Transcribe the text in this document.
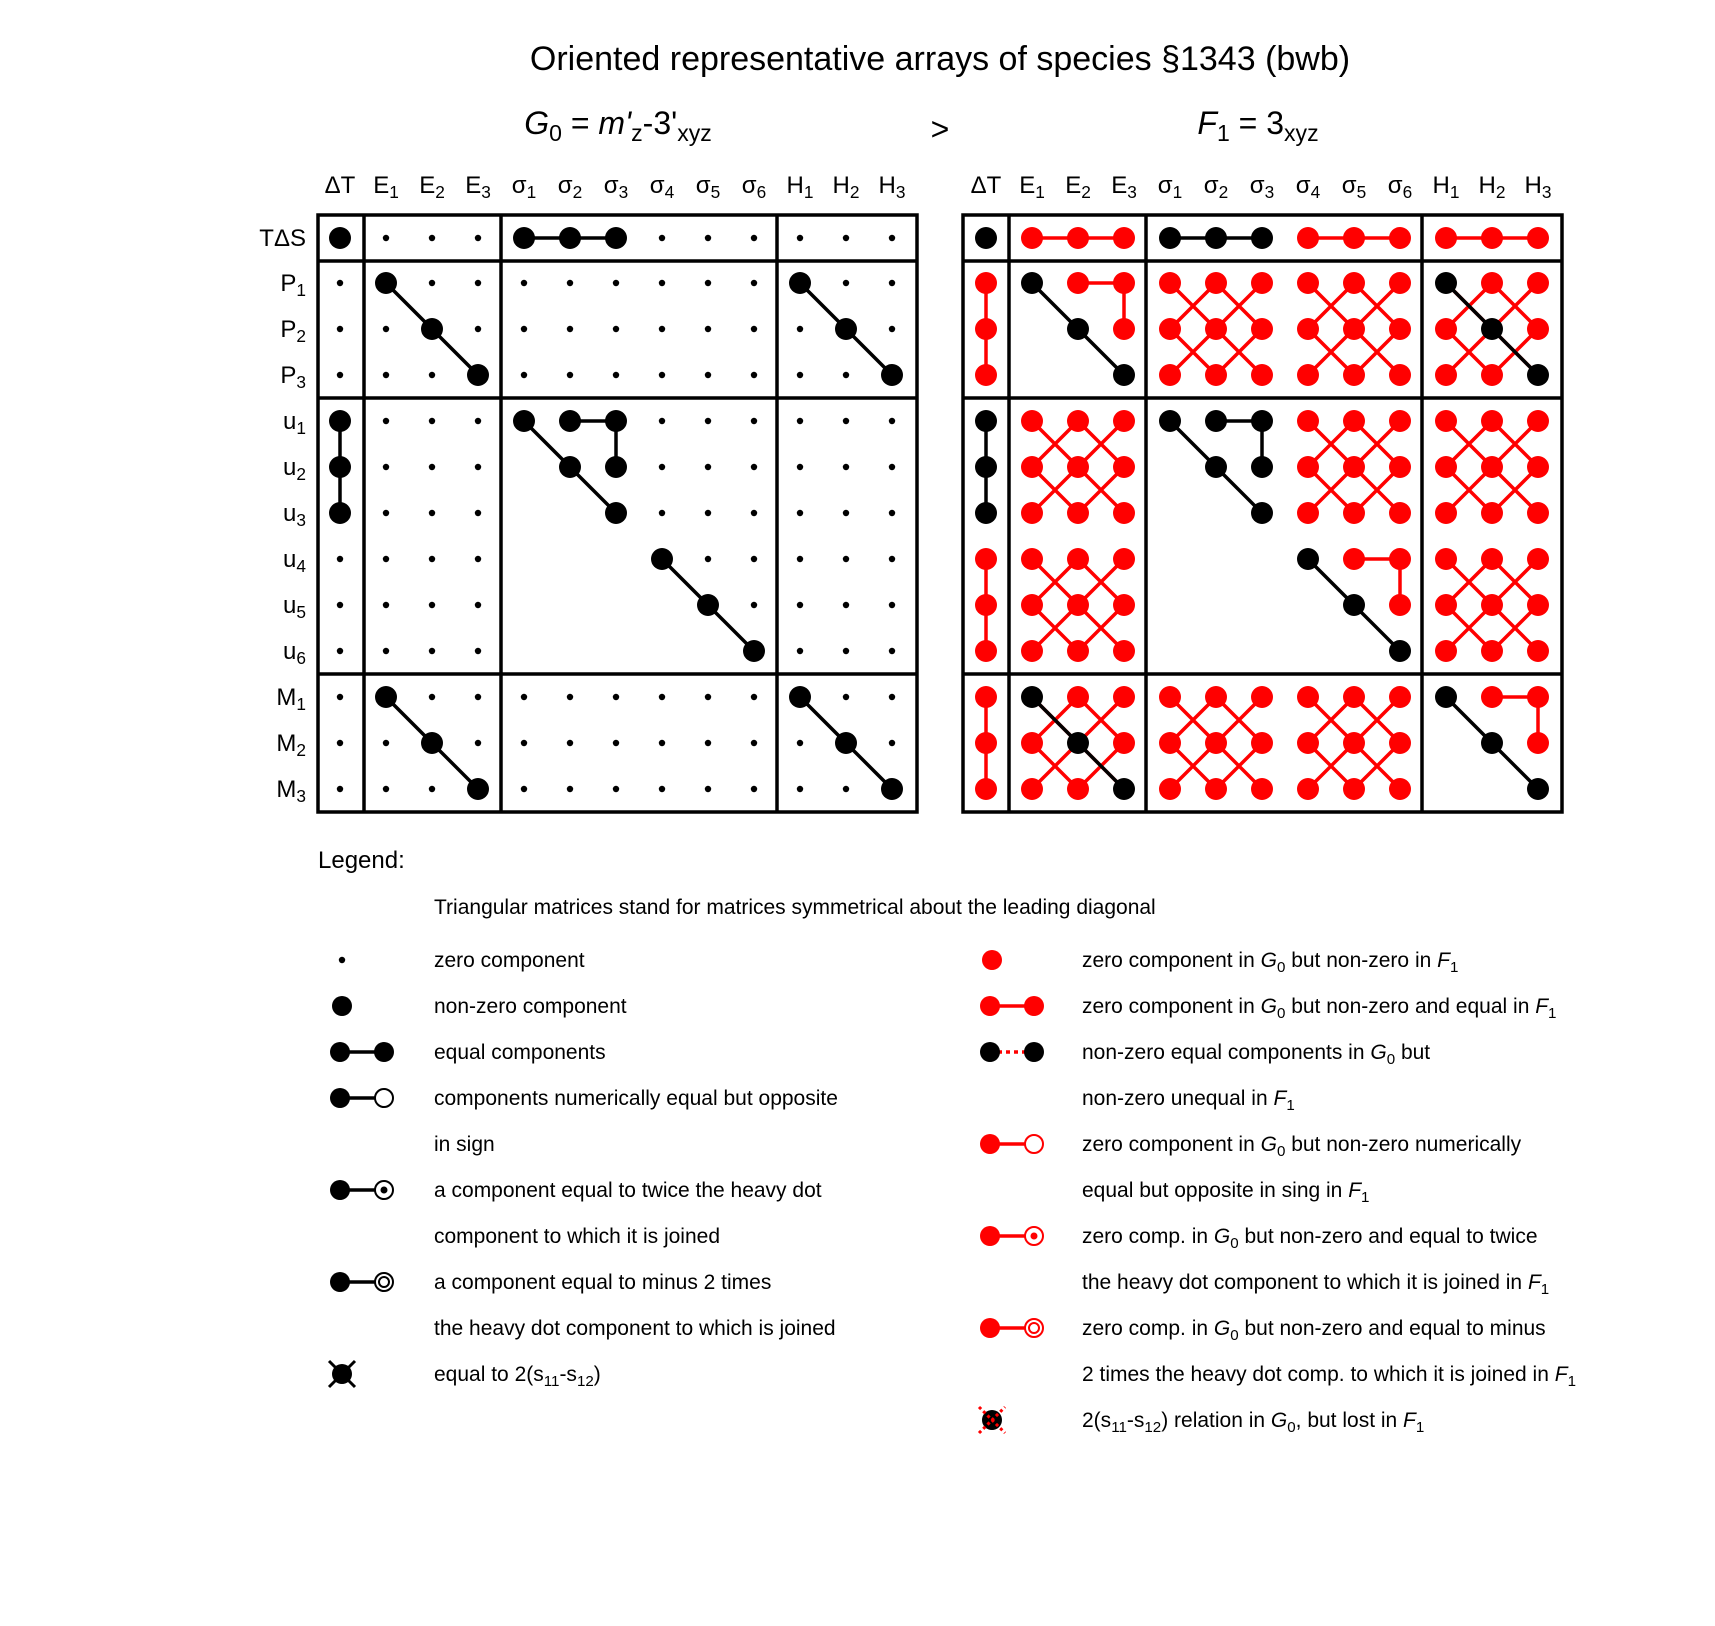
Oriented representative arrays of species §1343 (bwb)
G0 = m'z-3'xyz	>	F1 = 3xyz
ΔT E1 E2 E3 σ1 σ2 σ3 σ4 σ5 σ6 H1 H2 H3
TΔS
P1
P2
P3
u1
u2
u3
u4
u5
u6
M1
M2
M3
ΔT E1 E2 E3 σ1 σ2 σ3 σ4 σ5 σ6 H1 H2 H3
Legend:
Triangular matrices stand for matrices symmetrical about the leading diagonal
zero component
non-zero component
equal components
components numerically equal but opposite
in sign
a component equal to twice the heavy dot
component to which it is joined
a component equal to minus 2 times
the heavy dot component to which is joined
equal to 2(s11-s12)
zero component in G0 but non-zero in F1
zero component in G0 but non-zero and equal in F1
non-zero equal components in G0 but
non-zero unequal in F1
zero component in G0 but non-zero numerically
equal but opposite in sing in F1
zero comp. in G0 but non-zero and equal to twice
the heavy dot component to which it is joined in F1
zero comp. in G0 but non-zero and equal to minus
2 times the heavy dot comp. to which it is joined in F1
2(s11-s12) relation in G0, but lost in F1
